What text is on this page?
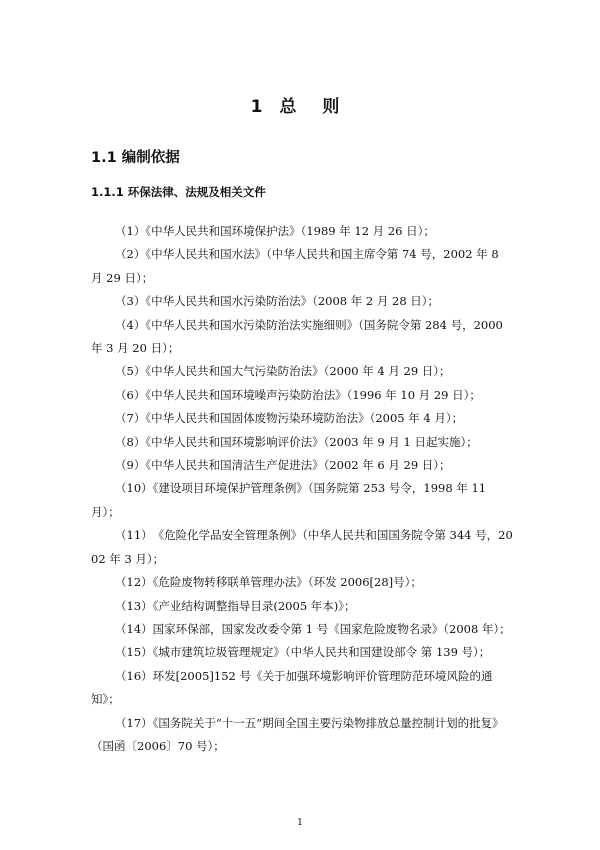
1 总 则
1.1 编制依据
1.1.1 环保法律、法规及相关文件
（1）《中华人民共和国环境保护法》（1989 年 12 月 26 日）；
（2）《中华人民共和国水法》（中华人民共和国主席令第 74 号，2002 年 8 月 29 日）；
（3）《中华人民共和国水污染防治法》（2008 年 2 月 28 日）；
（4）《中华人民共和国水污染防治法实施细则》（国务院令第 284 号，2000 年 3 月 20 日）；
（5）《中华人民共和国大气污染防治法》（2000 年 4 月 29 日）；
（6）《中华人民共和国环境噪声污染防治法》（1996 年 10 月 29 日）；
（7）《中华人民共和国固体废物污染环境防治法》（2005 年 4 月）；
（8）《中华人民共和国环境影响评价法》（2003 年 9 月 1 日起实施）；
（9）《中华人民共和国清洁生产促进法》（2002 年 6 月 29 日）；
（10）《建设项目环境保护管理条例》（国务院第 253 号令，1998 年 11 月）；
（11）　《危险化学品安全管理条例》（中华人民共和国国务院令第 344 号，2002 年 3 月）；
（12）《危险废物转移联单管理办法》（环发 2006[28]号）；
（13）《产业结构调整指导目录(2005 年本)》；
（14）国家环保部，国家发改委令第 1 号《国家危险废物名录》（2008 年）；
（15）《城市建筑垃圾管理规定》（中华人民共和国建设部令 第 139 号）；
（16）环发[2005]152 号《关于加强环境影响评价管理防范环境风险的通知》；
（17）《国务院关于“十一五”期间全国主要污染物排放总量控制计划的批复》（国函〔2006〕70 号）；
1
